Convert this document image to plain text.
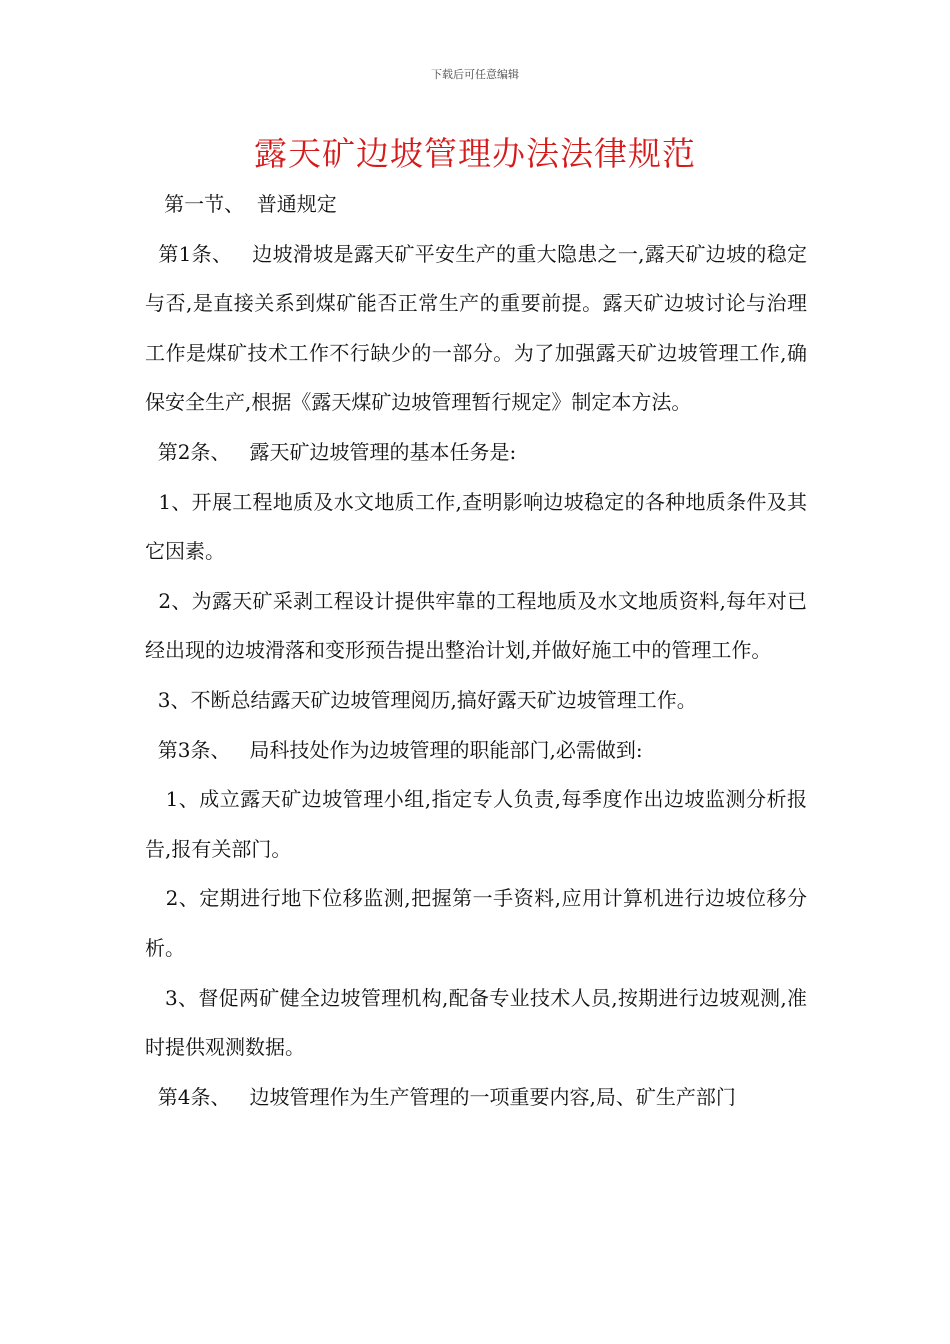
下载后可任意编辑
露天矿边坡管理办法法律规范

第一节、  普通规定

第1条、   边坡滑坡是露天矿平安生产的重大隐患之一,露天矿边坡的稳定与否,是直接关系到煤矿能否正常生产的重要前提。露天矿边坡讨论与治理工作是煤矿技术工作不行缺少的一部分。为了加强露天矿边坡管理工作,确保安全生产,根据《露天煤矿边坡管理暂行规定》制定本方法。

第2条、   露天矿边坡管理的基本任务是:

1、开展工程地质及水文地质工作,查明影响边坡稳定的各种地质条件及其它因素。

2、为露天矿采剥工程设计提供牢靠的工程地质及水文地质资料,每年对已经出现的边坡滑落和变形预告提出整治计划,并做好施工中的管理工作。

3、不断总结露天矿边坡管理阅历,搞好露天矿边坡管理工作。

第3条、   局科技处作为边坡管理的职能部门,必需做到:

1、成立露天矿边坡管理小组,指定专人负责,每季度作出边坡监测分析报告,报有关部门。

2、定期进行地下位移监测,把握第一手资料,应用计算机进行边坡位移分析。

3、督促两矿健全边坡管理机构,配备专业技术人员,按期进行边坡观测,准时提供观测数据。

第4条、   边坡管理作为生产管理的一项重要内容,局、矿生产部门
